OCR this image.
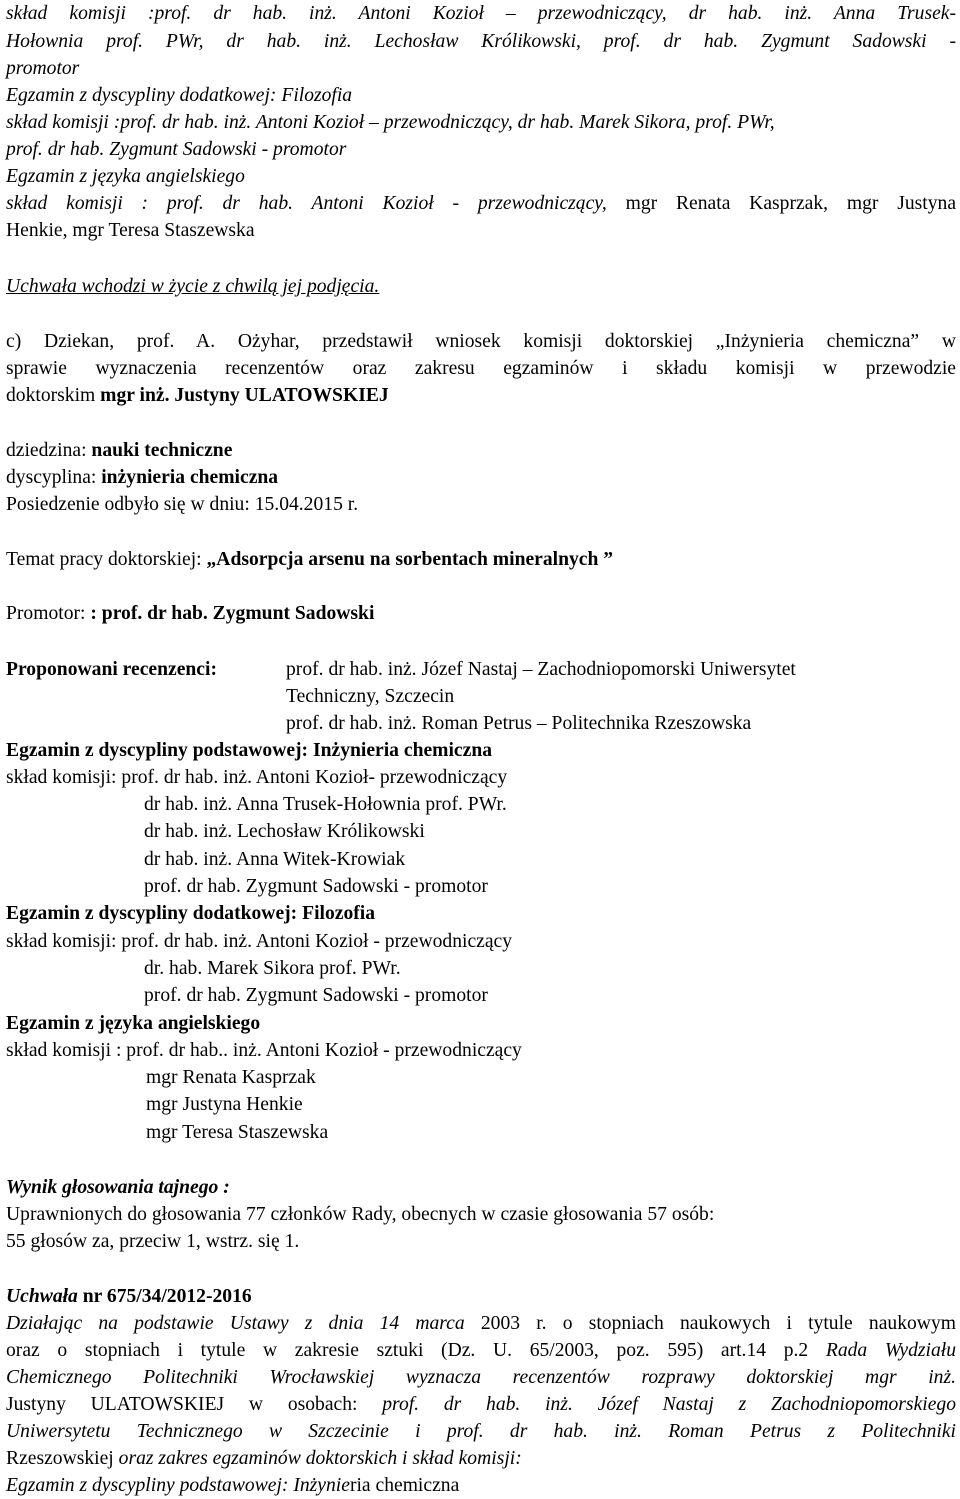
skład komisji :prof. dr hab. inż. Antoni Kozioł – przewodniczący, dr hab. inż. Anna Trusek-
Hołownia prof. PWr, dr hab. inż. Lechosław Królikowski, prof. dr hab. Zygmunt Sadowski -
promotor
Egzamin z dyscypliny dodatkowej: Filozofia
skład komisji :prof. dr hab. inż. Antoni Kozioł – przewodniczący, dr hab. Marek Sikora, prof. PWr,
prof. dr hab. Zygmunt Sadowski - promotor
Egzamin z języka angielskiego
skład komisji : prof. dr hab. Antoni Kozioł - przewodniczący, mgr Renata Kasprzak, mgr Justyna
Henkie, mgr Teresa Staszewska
Uchwała wchodzi w życie z chwilą jej podjęcia.
c) Dziekan, prof. A. Ożyhar, przedstawił wniosek komisji doktorskiej „Inżynieria chemiczna” w
sprawie wyznaczenia recenzentów oraz zakresu egzaminów i składu komisji w przewodzie
doktorskim mgr inż. Justyny ULATOWSKIEJ
dziedzina: nauki techniczne
dyscyplina: inżynieria chemiczna
Posiedzenie odbyło się w dniu: 15.04.2015 r.
Temat pracy doktorskiej: „Adsorpcja arsenu na sorbentach mineralnych ”
Promotor: : prof. dr hab. Zygmunt Sadowski
Proponowani recenzenci:	prof. dr hab. inż. Józef Nastaj – Zachodniopomorski Uniwersytet
Techniczny, Szczecin
prof. dr hab. inż. Roman Petrus – Politechnika Rzeszowska
Egzamin z dyscypliny podstawowej: Inżynieria chemiczna
skład komisji: prof. dr hab. inż. Antoni Kozioł- przewodniczący
dr hab. inż. Anna Trusek-Hołownia prof. PWr.
dr hab. inż. Lechosław Królikowski
dr hab. inż. Anna Witek-Krowiak
prof. dr hab. Zygmunt Sadowski - promotor
Egzamin z dyscypliny dodatkowej: Filozofia
skład komisji: prof. dr hab. inż. Antoni Kozioł - przewodniczący
dr. hab. Marek Sikora prof. PWr.
prof. dr hab. Zygmunt Sadowski - promotor
Egzamin z języka angielskiego
skład komisji : prof. dr hab.. inż. Antoni Kozioł - przewodniczący
mgr Renata Kasprzak
mgr Justyna Henkie
mgr Teresa Staszewska
Wynik głosowania tajnego :
Uprawnionych do głosowania 77 członków Rady, obecnych w czasie głosowania 57 osób:
55 głosów za, przeciw 1, wstrz. się 1.
Uchwała nr 675/34/2012-2016
Działając na podstawie Ustawy z dnia 14 marca 2003 r. o stopniach naukowych i tytule naukowym
oraz o stopniach i tytule w zakresie sztuki (Dz. U. 65/2003, poz. 595) art.14 p.2 Rada Wydziału
Chemicznego Politechniki Wrocławskiej wyznacza recenzentów rozprawy doktorskiej mgr inż.
Justyny ULATOWSKIEJ w osobach: prof. dr hab. inż. Józef Nastaj z Zachodniopomorskiego
Uniwersytetu Technicznego w Szczecinie i prof. dr hab. inż. Roman Petrus z Politechniki
Rzeszowskiej oraz zakres egzaminów doktorskich i skład komisji:
Egzamin z dyscypliny podstawowej: Inżynieria chemiczna
